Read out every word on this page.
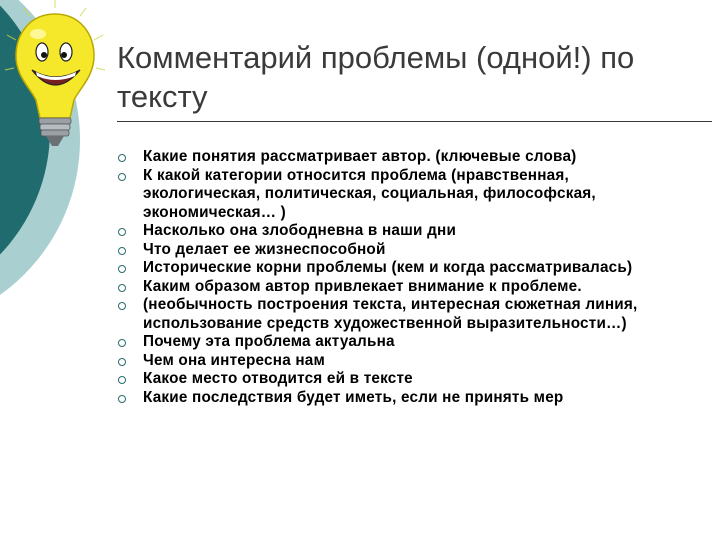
Комментарий проблемы (одной!) по тексту
Какие понятия рассматривает автор. (ключевые слова)
К какой категории относится проблема (нравственная, экологическая, политическая, социальная, философская, экономическая… )
Насколько она злободневна в наши дни
Что делает ее жизнеспособной
Исторические корни проблемы (кем и когда рассматривалась)
Каким образом автор привлекает внимание к проблеме.
(необычность построения текста, интересная сюжетная линия, использование средств художественной выразительности…)
Почему эта проблема актуальна
Чем она интересна нам
Какое место отводится ей в тексте
Какие последствия будет иметь, если не принять мер
